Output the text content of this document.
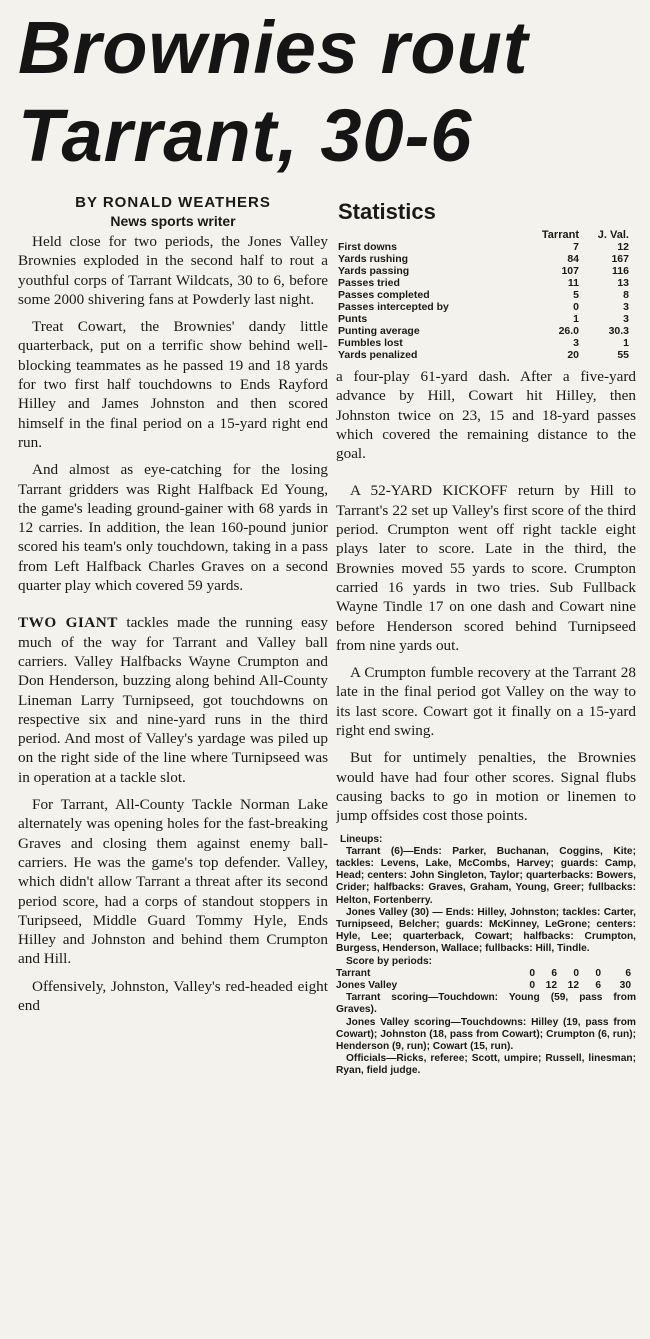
Brownies rout
Tarrant, 30-6

BY RONALD WEATHERS

News sports writer

Held close for two periods, the Jones Valley Brownies exploded in the second half to rout a youthful corps of Tarrant Wildcats, 30 to 6, before some 2000 shivering fans at Powderly last night.

Treat Cowart, the Brownies' dandy little quarterback, put on a terrific show behind well-blocking teammates as he passed 19 and 18 yards for two first half touchdowns to Ends Rayford Hilley and James Johnston and then scored himself in the final period on a 15-yard right end run.

And almost as eye-catching for the losing Tarrant gridders was Right Halfback Ed Young, the game's leading ground-gainer with 68 yards in 12 carries. In addition, the lean 160-pound junior scored his team's only touchdown, taking in a pass from Left Halfback Charles Graves on a second quarter play which covered 59 yards.

TWO GIANT tackles made the running easy much of the way for Tarrant and Valley ball carriers. Valley Halfbacks Wayne Crumpton and Don Henderson, buzzing along behind All-County Lineman Larry Turnipseed, got touchdowns on respective six and nine-yard runs in the third period. And most of Valley's yardage was piled up on the right side of the line where Turnipseed was in operation at a tackle slot.

For Tarrant, All-County Tackle Norman Lake alternately was opening holes for the fast-breaking Graves and closing them against enemy ball-carriers. He was the game's top defender. Valley, which didn't allow Tarrant a threat after its second period score, had a corps of standout stoppers in Turipseed, Middle Guard Tommy Hyle, Ends Hilley and Johnston and behind them Crumpton and Hill.

Offensively, Johnston, Valley's red-headed eight end

Statistics
	Tarrant	J. Val.
First downs	7	12
Yards rushing	84	167
Yards passing	107	116
Passes tried	11	13
Passes completed	5	8
Passes intercepted by	0	3
Punts	1	3
Punting average	26.0	30.3
Fumbles lost	3	1
Yards penalized	20	55

a four-play 61-yard dash. After a five-yard advance by Hill, Cowart hit Hilley, then Johnston twice on 23, 15 and 18-yard passes which covered the remaining distance to the goal.

A 52-YARD KICKOFF return by Hill to Tarrant's 22 set up Valley's first score of the third period. Crumpton went off right tackle eight plays later to score. Late in the third, the Brownies moved 55 yards to score. Crumpton carried 16 yards in two tries. Sub Fullback Wayne Tindle 17 on one dash and Cowart nine before Henderson scored behind Turnipseed from nine yards out.

A Crumpton fumble recovery at the Tarrant 28 late in the final period got Valley on the way to its last score. Cowart got it finally on a 15-yard right end swing.

But for untimely penalties, the Brownies would have had four other scores. Signal flubs causing backs to go in motion or linemen to jump offsides cost those points.

Lineups:

Tarrant (6)—Ends: Parker, Buchanan, Coggins, Kite; tackles: Levens, Lake, McCombs, Harvey; guards: Camp, Head; centers: John Singleton, Taylor; quarterbacks: Bowers, Crider; halfbacks: Graves, Graham, Young, Greer; fullbacks: Helton, Fortenberry.

Jones Valley (30) — Ends: Hilley, Johnston; tackles: Carter, Turnipseed, Belcher; guards: McKinney, LeGrone; centers: Hyle, Lee; quarterback, Cowart; halfbacks: Crumpton, Burgess, Henderson, Wallace; fullbacks: Hill, Tindle.

Score by periods:

Tarrant	0	6	0	0	6
Jones Valley	0	12	12	6	30

Tarrant scoring—Touchdown: Young (59, pass from Graves).

Jones Valley scoring—Touchdowns: Hilley (19, pass from Cowart); Johnston (18, pass from Cowart); Crumpton (6, run); Henderson (9, run); Cowart (15, run).

Officials—Ricks, referee; Scott, umpire; Russell, linesman; Ryan, field judge.
